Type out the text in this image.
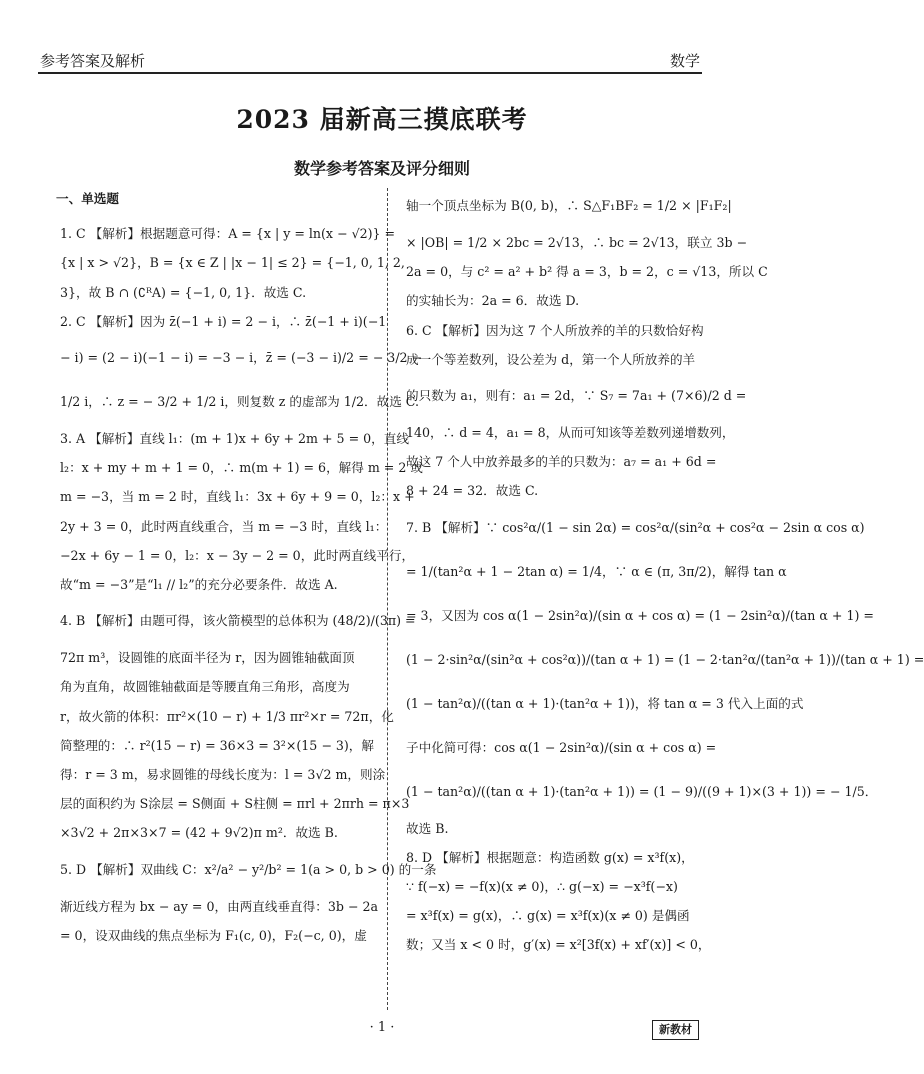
参考答案及解析	数学
2023 届新高三摸底联考
数学参考答案及评分细则
一、单选题
1. C 【解析】根据题意可得：A = {x | y = ln(x − √2)} =
{x | x > √2}，B = {x ∈ Z | |x − 1| ≤ 2} = {−1, 0, 1, 2,
3}，故 B ∩ (∁ᴿA) = {−1, 0, 1}．故选 C.
2. C 【解析】因为 z̄(−1 + i) = 2 − i，∴ z̄(−1 + i)(−1
− i) = (2 − i)(−1 − i) = −3 − i，z̄ = (−3 − i)/2 = − 3/2 −
1/2 i，∴ z = − 3/2 + 1/2 i，则复数 z 的虚部为 1/2．故选 C.
3. A 【解析】直线 l₁：(m + 1)x + 6y + 2m + 5 = 0，直线
l₂：x + my + m + 1 = 0，∴ m(m + 1) = 6，解得 m = 2 或
m = −3，当 m = 2 时，直线 l₁：3x + 6y + 9 = 0，l₂：x +
2y + 3 = 0，此时两直线重合，当 m = −3 时，直线 l₁：
−2x + 6y − 1 = 0，l₂：x − 3y − 2 = 0，此时两直线平行，
故“m = −3”是“l₁ // l₂”的充分必要条件．故选 A.
4. B 【解析】由题可得，该火箭模型的总体积为 (48/2)/(3π) =
72π m³，设圆锥的底面半径为 r，因为圆锥轴截面顶
角为直角，故圆锥轴截面是等腰直角三角形，高度为
r，故火箭的体积：πr²×(10 − r) + 1/3 πr²×r = 72π，化
简整理的：∴ r²(15 − r) = 36×3 = 3²×(15 − 3)，解
得：r = 3 m，易求圆锥的母线长度为：l = 3√2 m，则涂
层的面积约为 S涂层 = S侧面 + S柱侧 = πrl + 2πrh = π×3
×3√2 + 2π×3×7 = (42 + 9√2)π m²．故选 B.
5. D 【解析】双曲线 C：x²/a² − y²/b² = 1(a > 0, b > 0) 的一条
渐近线方程为 bx − ay = 0，由两直线垂直得：3b − 2a
= 0，设双曲线的焦点坐标为 F₁(c, 0)，F₂(−c, 0)，虚
轴一个顶点坐标为 B(0, b)，∴ S△F₁BF₂ = 1/2 × |F₁F₂|
× |OB| = 1/2 × 2bc = 2√13，∴ bc = 2√13，联立 3b −
2a = 0，与 c² = a² + b² 得 a = 3，b = 2，c = √13，所以 C
的实轴长为：2a = 6．故选 D.
6. C 【解析】因为这 7 个人所放养的羊的只数恰好构
成一个等差数列，设公差为 d，第一个人所放养的羊
的只数为 a₁，则有：a₁ = 2d，∵ S₇ = 7a₁ + (7×6)/2 d =
140，∴ d = 4，a₁ = 8，从而可知该等差数列递增数列，
故这 7 个人中放养最多的羊的只数为：a₇ = a₁ + 6d =
8 + 24 = 32．故选 C.
7. B 【解析】∵ cos²α/(1 − sin 2α) = cos²α/(sin²α + cos²α − 2sin α cos α)
= 1/(tan²α + 1 − 2tan α) = 1/4，∵ α ∈ (π, 3π/2)，解得 tan α
= 3，又因为 cos α(1 − 2sin²α)/(sin α + cos α) = (1 − 2sin²α)/(tan α + 1) =
(1 − 2·sin²α/(sin²α + cos²α))/(tan α + 1) = (1 − 2·tan²α/(tan²α + 1))/(tan α + 1) =
(1 − tan²α)/((tan α + 1)·(tan²α + 1))，将 tan α = 3 代入上面的式
子中化简可得：cos α(1 − 2sin²α)/(sin α + cos α) =
(1 − tan²α)/((tan α + 1)·(tan²α + 1)) = (1 − 9)/((9 + 1)×(3 + 1)) = − 1/5．
故选 B.
8. D 【解析】根据题意：构造函数 g(x) = x³f(x)，
∵ f(−x) = −f(x)(x ≠ 0)，∴ g(−x) = −x³f(−x)
= x³f(x) = g(x)，∴ g(x) = x³f(x)(x ≠ 0) 是偶函
数；又当 x < 0 时，g′(x) = x²[3f(x) + xf′(x)] < 0，
· 1 ·	新教材
